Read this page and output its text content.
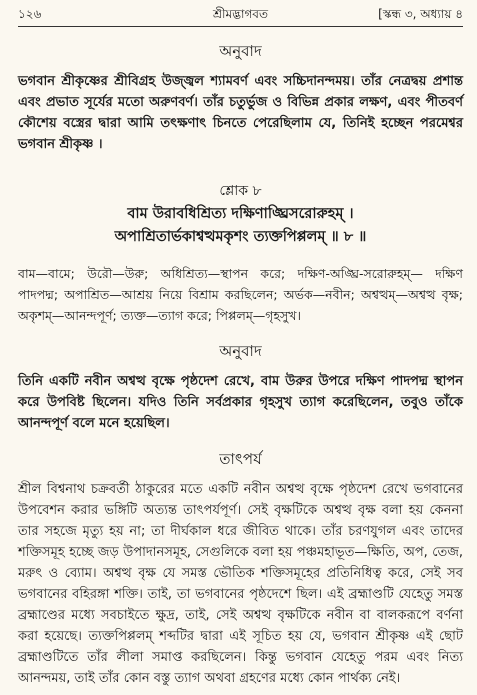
১২৬	শ্রীমদ্ভাগবত	[স্কন্ধ ৩, অধ্যায় ৪
অনুবাদ

ভগবান শ্রীকৃষ্ণের শ্রীবিগ্রহ উজ্জ্বল শ্যামবর্ণ এবং সচ্চিদানন্দময়। তাঁর নেত্রদ্বয় প্রশান্ত এবং প্রভাত সূর্যের মতো অরুণবর্ণ। তাঁর চতুর্ভুজ ও বিভিন্ন প্রকার লক্ষণ, এবং পীতবর্ণ কৌশেয় বস্ত্রের দ্বারা আমি তৎক্ষণাৎ চিনতে পেরেছিলাম যে, তিনিই হচ্ছেন পরমেশ্বর ভগবান শ্রীকৃষ্ণ ।

শ্লোক ৮
বাম উরাবধিশ্রিত্য দক্ষিণাঙ্ঘ্রিসরোরুহম্ ।
অপাশ্রিতার্ভকাশ্বত্থমকৃশং ত্যক্তপিপ্পলম্ ॥ ৮ ॥

বাম—বামে; উরৌ—উরু; অধিশ্রিত্য—স্থাপন করে; দক্ষিণ-অঙ্ঘ্রি-সরোরুহম্— দক্ষিণ পাদপদ্ম; অপাশ্রিত—আশ্রয় নিয়ে বিশ্রাম করছিলেন; অর্ভক—নবীন; অশ্বত্থম্—অশ্বত্থ বৃক্ষ; অকৃশম্—আনন্দপূর্ণ; ত্যক্ত—ত্যাগ করে; পিপ্পলম্—গৃহসুখ।

অনুবাদ

তিনি একটি নবীন অশ্বত্থ বৃক্ষে পৃষ্ঠদেশ রেখে, বাম উরুর উপরে দক্ষিণ পাদপদ্ম স্থাপন করে উপবিষ্ট ছিলেন। যদিও তিনি সর্বপ্রকার গৃহসুখ ত্যাগ করেছিলেন, তবুও তাঁকে আনন্দপূর্ণ বলে মনে হয়েছিল।

তাৎপর্য

শ্রীল বিশ্বনাথ চক্রবর্তী ঠাকুরের মতে একটি নবীন অশ্বত্থ বৃক্ষে পৃষ্ঠদেশ রেখে ভগবানের উপবেশন করার ভঙ্গিটি অত্যন্ত তাৎপর্যপূর্ণ। সেই বৃক্ষটিকে অশ্বত্থ বৃক্ষ বলা হয় কেননা তার সহজে মৃত্যু হয় না; তা দীর্ঘকাল ধরে জীবিত থাকে। তাঁর চরণযুগল এবং তাদের শক্তিসমূহ হচ্ছে জড় উপাদানসমূহ, সেগুলিকে বলা হয় পঞ্চমহাভূত—ক্ষিতি, অপ, তেজ, মরুৎ ও ব্যোম। অশ্বত্থ বৃক্ষ যে সমস্ত ভৌতিক শক্তিসমূহের প্রতিনিধিত্ব করে, সেই সব ভগবানের বহিরঙ্গা শক্তি। তাই, তা ভগবানের পৃষ্ঠদেশে ছিল। এই ব্রহ্মাণ্ডটি যেহেতু সমস্ত ব্রহ্মাণ্ডের মধ্যে সবচাইতে ক্ষুদ্র, তাই, সেই অশ্বত্থ বৃক্ষটিকে নবীন বা বালকরূপে বর্ণনা করা হয়েছে। ত্যক্তপিপ্পলম্ শব্দটির দ্বারা এই সূচিত হয় যে, ভগবান শ্রীকৃষ্ণ এই ছোট ব্রহ্মাণ্ডটিতে তাঁর লীলা সমাপ্ত করছিলেন। কিন্তু ভগবান যেহেতু পরম এবং নিত্য আনন্দময়, তাই তাঁর কোন বস্তু ত্যাগ অথবা গ্রহণের মধ্যে কোন পার্থক্য নেই।
